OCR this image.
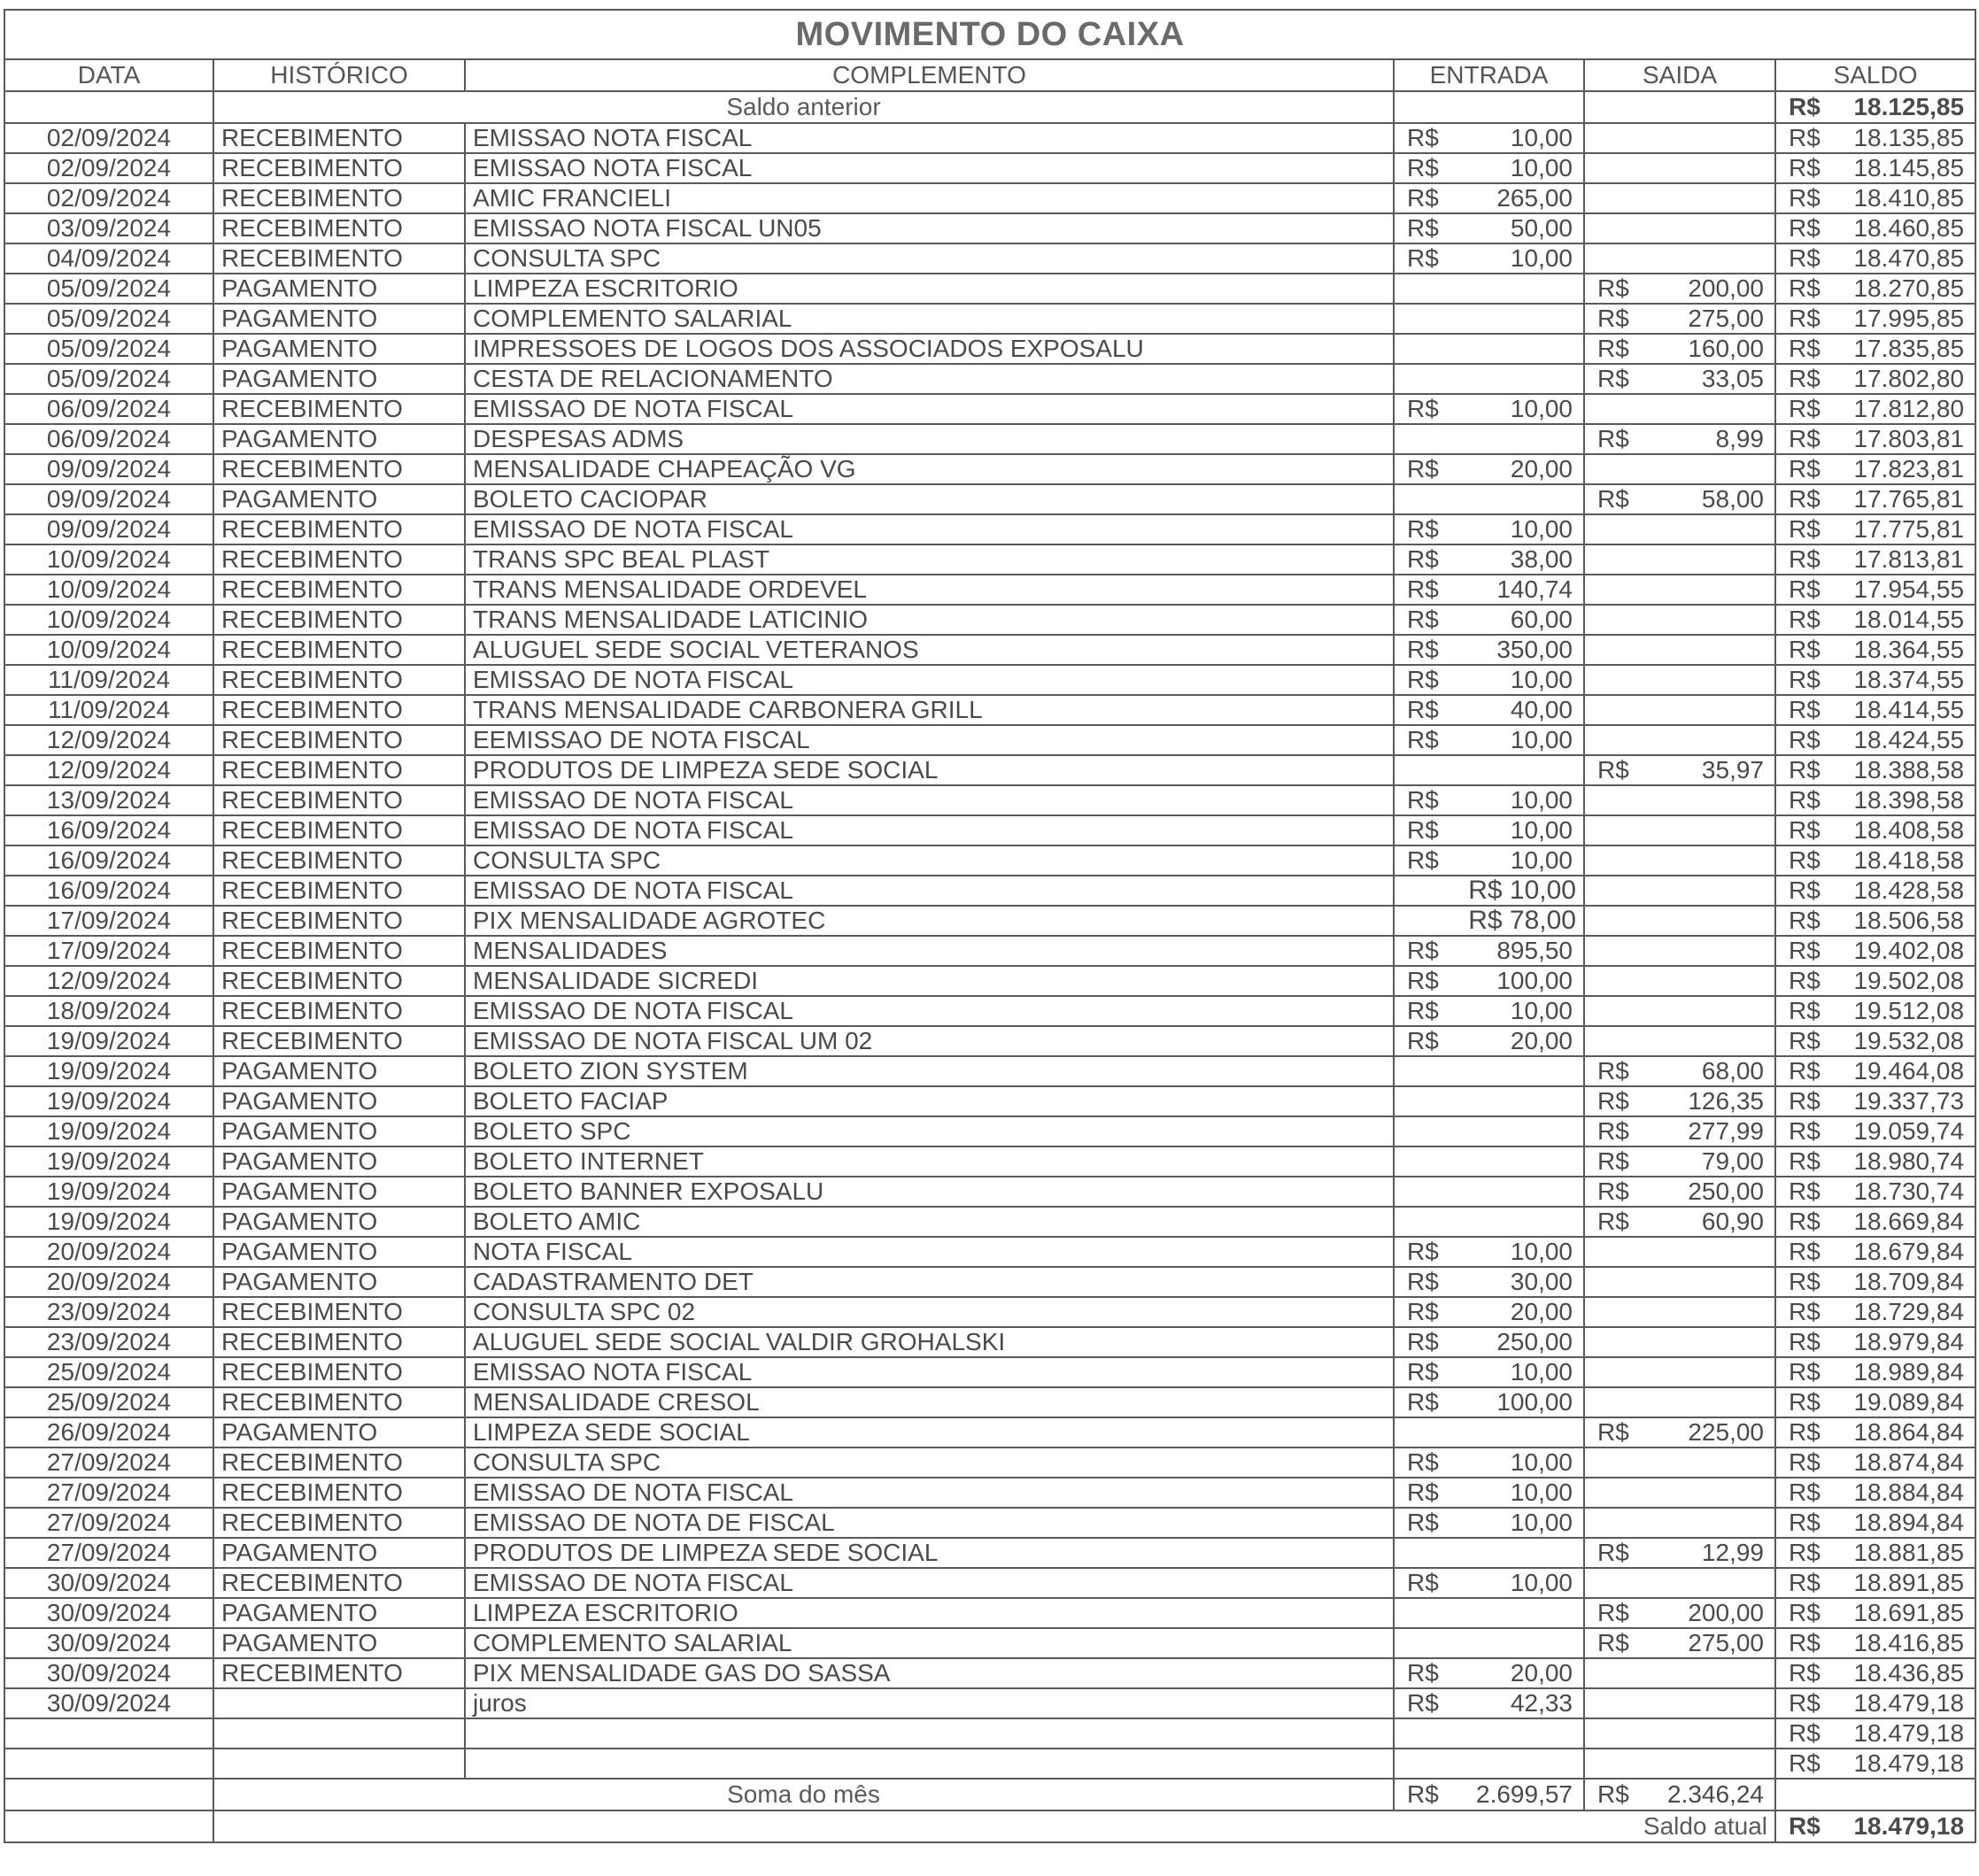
MOVIMENTO DO CAIXA					
DATA	HISTÓRICO	COMPLEMENTO	ENTRADA	SAIDA	SALDO
	Saldo anterior				R$ 18.125,85

02/09/2024	RECEBIMENTO	EMISSAO NOTA FISCAL	R$ 10,00		R$ 18.135,85

02/09/2024	RECEBIMENTO	EMISSAO NOTA FISCAL	R$ 10,00		R$ 18.145,85

02/09/2024	RECEBIMENTO	AMIC FRANCIELI	R$ 265,00		R$ 18.410,85

03/09/2024	RECEBIMENTO	EMISSAO NOTA FISCAL UN05	R$ 50,00		R$ 18.460,85

04/09/2024	RECEBIMENTO	CONSULTA SPC	R$ 10,00		R$ 18.470,85

05/09/2024	PAGAMENTO	LIMPEZA ESCRITORIO		R$ 200,00	R$ 18.270,85

05/09/2024	PAGAMENTO	COMPLEMENTO SALARIAL		R$ 275,00	R$ 17.995,85

05/09/2024	PAGAMENTO	IMPRESSOES DE LOGOS DOS ASSOCIADOS EXPOSALU		R$ 160,00	R$ 17.835,85

05/09/2024	PAGAMENTO	CESTA DE RELACIONAMENTO		R$ 33,05	R$ 17.802,80

06/09/2024	RECEBIMENTO	EMISSAO DE NOTA FISCAL	R$ 10,00		R$ 17.812,80

06/09/2024	PAGAMENTO	DESPESAS ADMS		R$ 8,99	R$ 17.803,81

09/09/2024	RECEBIMENTO	MENSALIDADE CHAPEAÇÃO VG	R$ 20,00		R$ 17.823,81

09/09/2024	PAGAMENTO	BOLETO CACIOPAR		R$ 58,00	R$ 17.765,81

09/09/2024	RECEBIMENTO	EMISSAO DE NOTA FISCAL	R$ 10,00		R$ 17.775,81

10/09/2024	RECEBIMENTO	TRANS SPC BEAL PLAST	R$ 38,00		R$ 17.813,81

10/09/2024	RECEBIMENTO	TRANS MENSALIDADE ORDEVEL	R$ 140,74		R$ 17.954,55

10/09/2024	RECEBIMENTO	TRANS MENSALIDADE LATICINIO	R$ 60,00		R$ 18.014,55

10/09/2024	RECEBIMENTO	ALUGUEL SEDE SOCIAL VETERANOS	R$ 350,00		R$ 18.364,55

11/09/2024	RECEBIMENTO	EMISSAO DE NOTA FISCAL	R$ 10,00		R$ 18.374,55

11/09/2024	RECEBIMENTO	TRANS MENSALIDADE CARBONERA GRILL	R$ 40,00		R$ 18.414,55

12/09/2024	RECEBIMENTO	EEMISSAO DE NOTA FISCAL	R$ 10,00		R$ 18.424,55

12/09/2024	RECEBIMENTO	PRODUTOS DE LIMPEZA SEDE SOCIAL		R$ 35,97	R$ 18.388,58

13/09/2024	RECEBIMENTO	EMISSAO DE NOTA FISCAL	R$ 10,00		R$ 18.398,58

16/09/2024	RECEBIMENTO	EMISSAO DE NOTA FISCAL	R$ 10,00		R$ 18.408,58

16/09/2024	RECEBIMENTO	CONSULTA SPC	R$ 10,00		R$ 18.418,58

16/09/2024	RECEBIMENTO	EMISSAO DE NOTA FISCAL	R$ 10,00		R$ 18.428,58

17/09/2024	RECEBIMENTO	PIX MENSALIDADE AGROTEC	R$ 78,00		R$ 18.506,58

17/09/2024	RECEBIMENTO	MENSALIDADES	R$ 895,50		R$ 19.402,08

12/09/2024	RECEBIMENTO	MENSALIDADE SICREDI	R$ 100,00		R$ 19.502,08

18/09/2024	RECEBIMENTO	EMISSAO DE NOTA FISCAL	R$ 10,00		R$ 19.512,08

19/09/2024	RECEBIMENTO	EMISSAO DE NOTA FISCAL UM 02	R$ 20,00		R$ 19.532,08

19/09/2024	PAGAMENTO	BOLETO ZION SYSTEM		R$ 68,00	R$ 19.464,08

19/09/2024	PAGAMENTO	BOLETO FACIAP		R$ 126,35	R$ 19.337,73

19/09/2024	PAGAMENTO	BOLETO SPC		R$ 277,99	R$ 19.059,74

19/09/2024	PAGAMENTO	BOLETO INTERNET		R$ 79,00	R$ 18.980,74

19/09/2024	PAGAMENTO	BOLETO BANNER EXPOSALU		R$ 250,00	R$ 18.730,74

19/09/2024	PAGAMENTO	BOLETO AMIC		R$ 60,90	R$ 18.669,84

20/09/2024	PAGAMENTO	NOTA FISCAL	R$ 10,00		R$ 18.679,84

20/09/2024	PAGAMENTO	CADASTRAMENTO DET	R$ 30,00		R$ 18.709,84

23/09/2024	RECEBIMENTO	CONSULTA SPC 02	R$ 20,00		R$ 18.729,84

23/09/2024	RECEBIMENTO	ALUGUEL SEDE SOCIAL VALDIR GROHALSKI	R$ 250,00		R$ 18.979,84

25/09/2024	RECEBIMENTO	EMISSAO NOTA FISCAL	R$ 10,00		R$ 18.989,84

25/09/2024	RECEBIMENTO	MENSALIDADE CRESOL	R$ 100,00		R$ 19.089,84

26/09/2024	PAGAMENTO	LIMPEZA SEDE SOCIAL		R$ 225,00	R$ 18.864,84

27/09/2024	RECEBIMENTO	CONSULTA SPC	R$ 10,00		R$ 18.874,84

27/09/2024	RECEBIMENTO	EMISSAO DE NOTA FISCAL	R$ 10,00		R$ 18.884,84

27/09/2024	RECEBIMENTO	EMISSAO DE NOTA DE FISCAL	R$ 10,00		R$ 18.894,84

27/09/2024	PAGAMENTO	PRODUTOS DE LIMPEZA SEDE SOCIAL		R$ 12,99	R$ 18.881,85

30/09/2024	RECEBIMENTO	EMISSAO DE NOTA FISCAL	R$ 10,00		R$ 18.891,85

30/09/2024	PAGAMENTO	LIMPEZA ESCRITORIO		R$ 200,00	R$ 18.691,85

30/09/2024	PAGAMENTO	COMPLEMENTO SALARIAL		R$ 275,00	R$ 18.416,85

30/09/2024	RECEBIMENTO	PIX MENSALIDADE GAS DO SASSA	R$ 20,00		R$ 18.436,85

30/09/2024		juros	R$ 42,33		R$ 18.479,18

					R$ 18.479,18

					R$ 18.479,18

	Soma do mês		R$ 2.699,57	R$ 2.346,24	

	Saldo atual				R$ 18.479,18
